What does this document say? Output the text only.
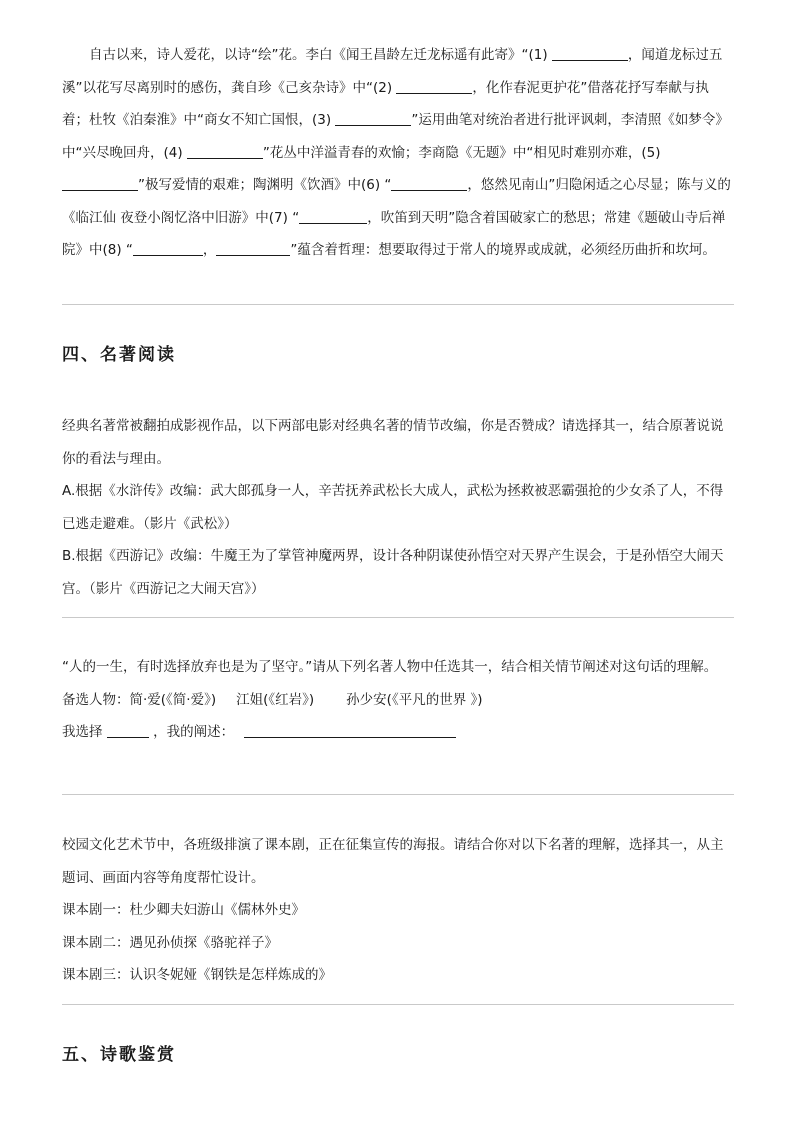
自古以来，诗人爱花，以诗“绘”花。李白《闻王昌龄左迁龙标遥有此寄》“(1)	，闻道龙标过五溪”以花写尽离别时的感伤，龚自珍《己亥杂诗》中“(2)	，化作春泥更护花”借落花抒写奉献与执着；杜牧《泊秦淮》中“商女不知亡国恨，(3)	”运用曲笔对统治者进行批评讽刺，李清照《如梦令》中“兴尽晚回舟，(4)	”花丛中洋溢青春的欢愉；李商隐《无题》中“相见时难别亦难，(5) ”极写爱情的艰难；陶渊明《饮酒》中(6) “	，悠然见南山”归隐闲适之心尽显；陈与义的《临江仙 夜登小阁忆洛中旧游》中(7) “	，吹笛到天明”隐含着国破家亡的愁思；常建《题破山寺后禅院》中(8) “	，	”蕴含着哲理：想要取得过于常人的境界或成就，必须经历曲折和坎坷。

四、名著阅读

经典名著常被翻拍成影视作品，以下两部电影对经典名著的情节改编，你是否赞成？请选择其一，结合原著说说你的看法与理由。

A.根据《水浒传》改编：武大郎孤身一人，辛苦抚养武松长大成人，武松为拯救被恶霸强抢的少女杀了人，不得已逃走避难。（影片《武松》）

B.根据《西游记》改编：牛魔王为了掌管神魔两界，设计各种阴谋使孙悟空对天界产生误会，于是孙悟空大闹天宫。（影片《西游记之大闹天宫》）

“人的一生，有时选择放弃也是为了坚守。”请从下列名著人物中任选其一，结合相关情节阐述对这句话的理解。

备选人物：简·爱(《简·爱》) 江姐(《红岩》) 孙少安(《平凡的世界 》)

我选择	，我的阐述：

校园文化艺术节中，各班级排演了课本剧，正在征集宣传的海报。请结合你对以下名著的理解，选择其一，从主题词、画面内容等角度帮忙设计。

课本剧一：杜少卿夫妇游山《儒林外史》

课本剧二：遇见孙侦探《骆驼祥子》

课本剧三：认识冬妮娅《钢铁是怎样炼成的》

五、诗歌鉴赏
